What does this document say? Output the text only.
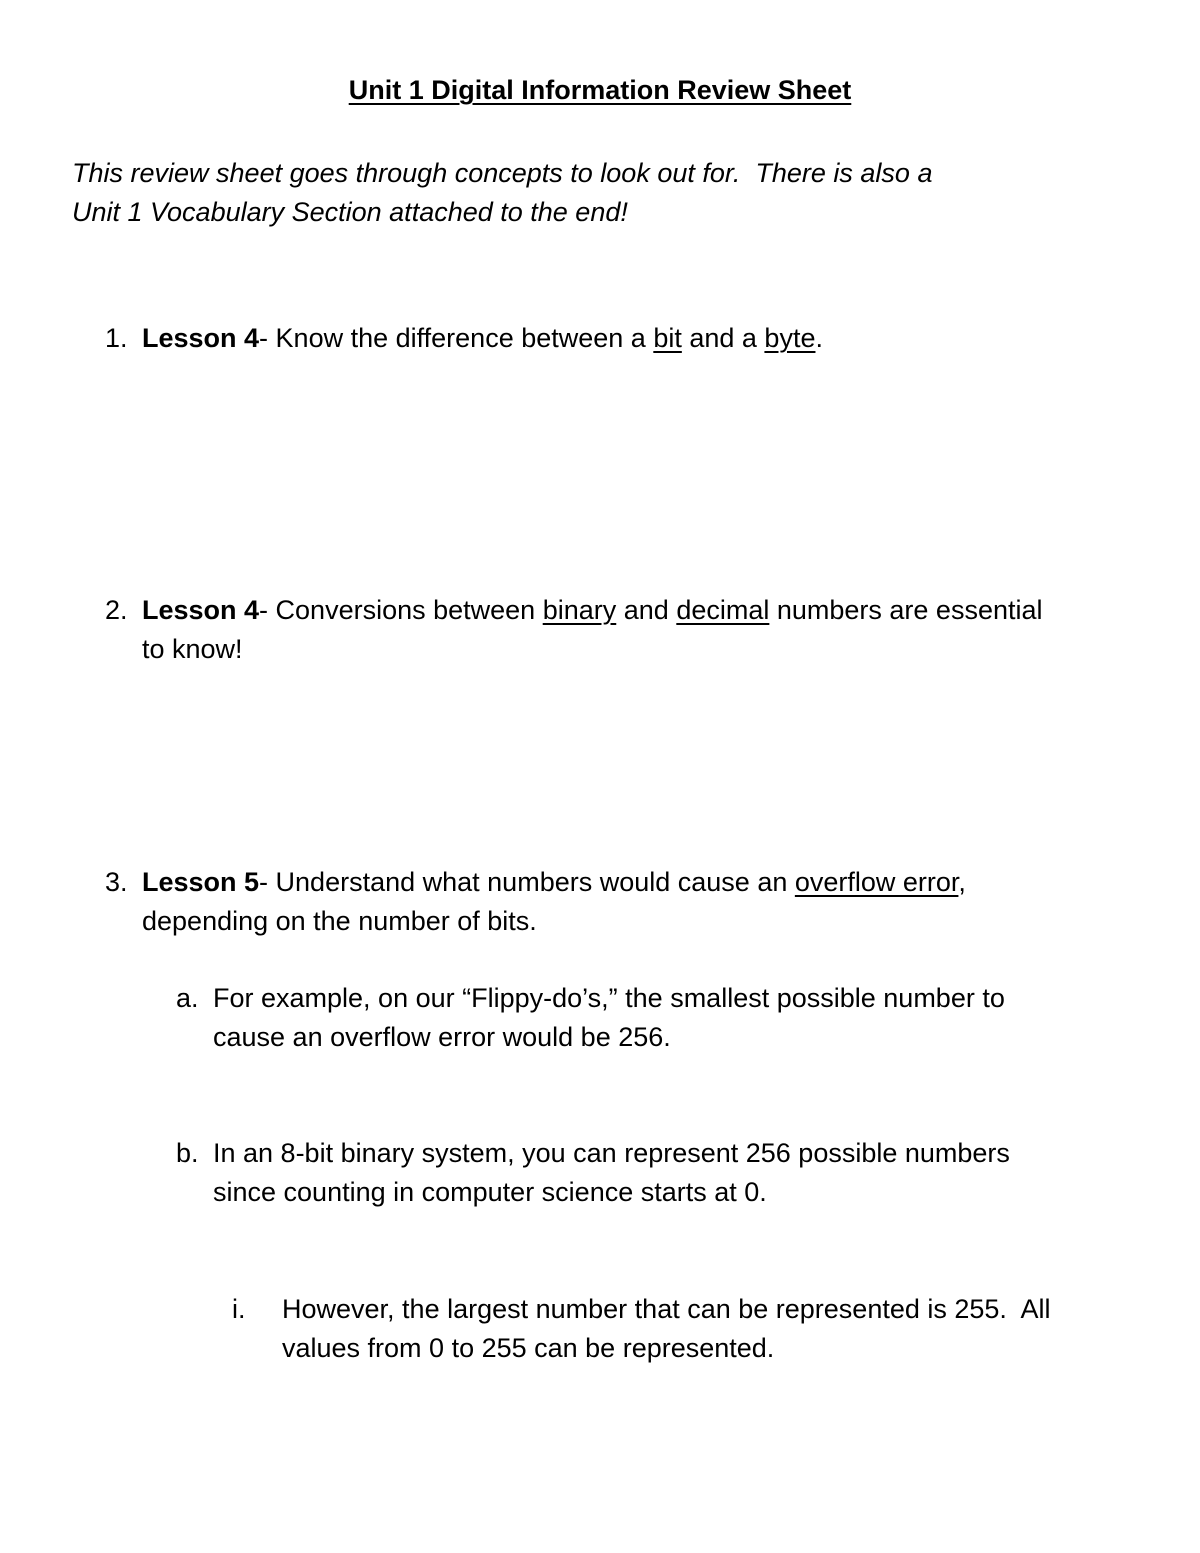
Unit 1 Digital Information Review Sheet
This review sheet goes through concepts to look out for.  There is also a
Unit 1 Vocabulary Section attached to the end!
1. Lesson 4- Know the difference between a bit and a byte.
2. Lesson 4- Conversions between binary and decimal numbers are essential
to know!
3. Lesson 5- Understand what numbers would cause an overflow error,
depending on the number of bits.
a. For example, on our “Flippy-do’s,” the smallest possible number to
cause an overflow error would be 256.
b. In an 8-bit binary system, you can represent 256 possible numbers
since counting in computer science starts at 0.
i. However, the largest number that can be represented is 255.  All
values from 0 to 255 can be represented.
